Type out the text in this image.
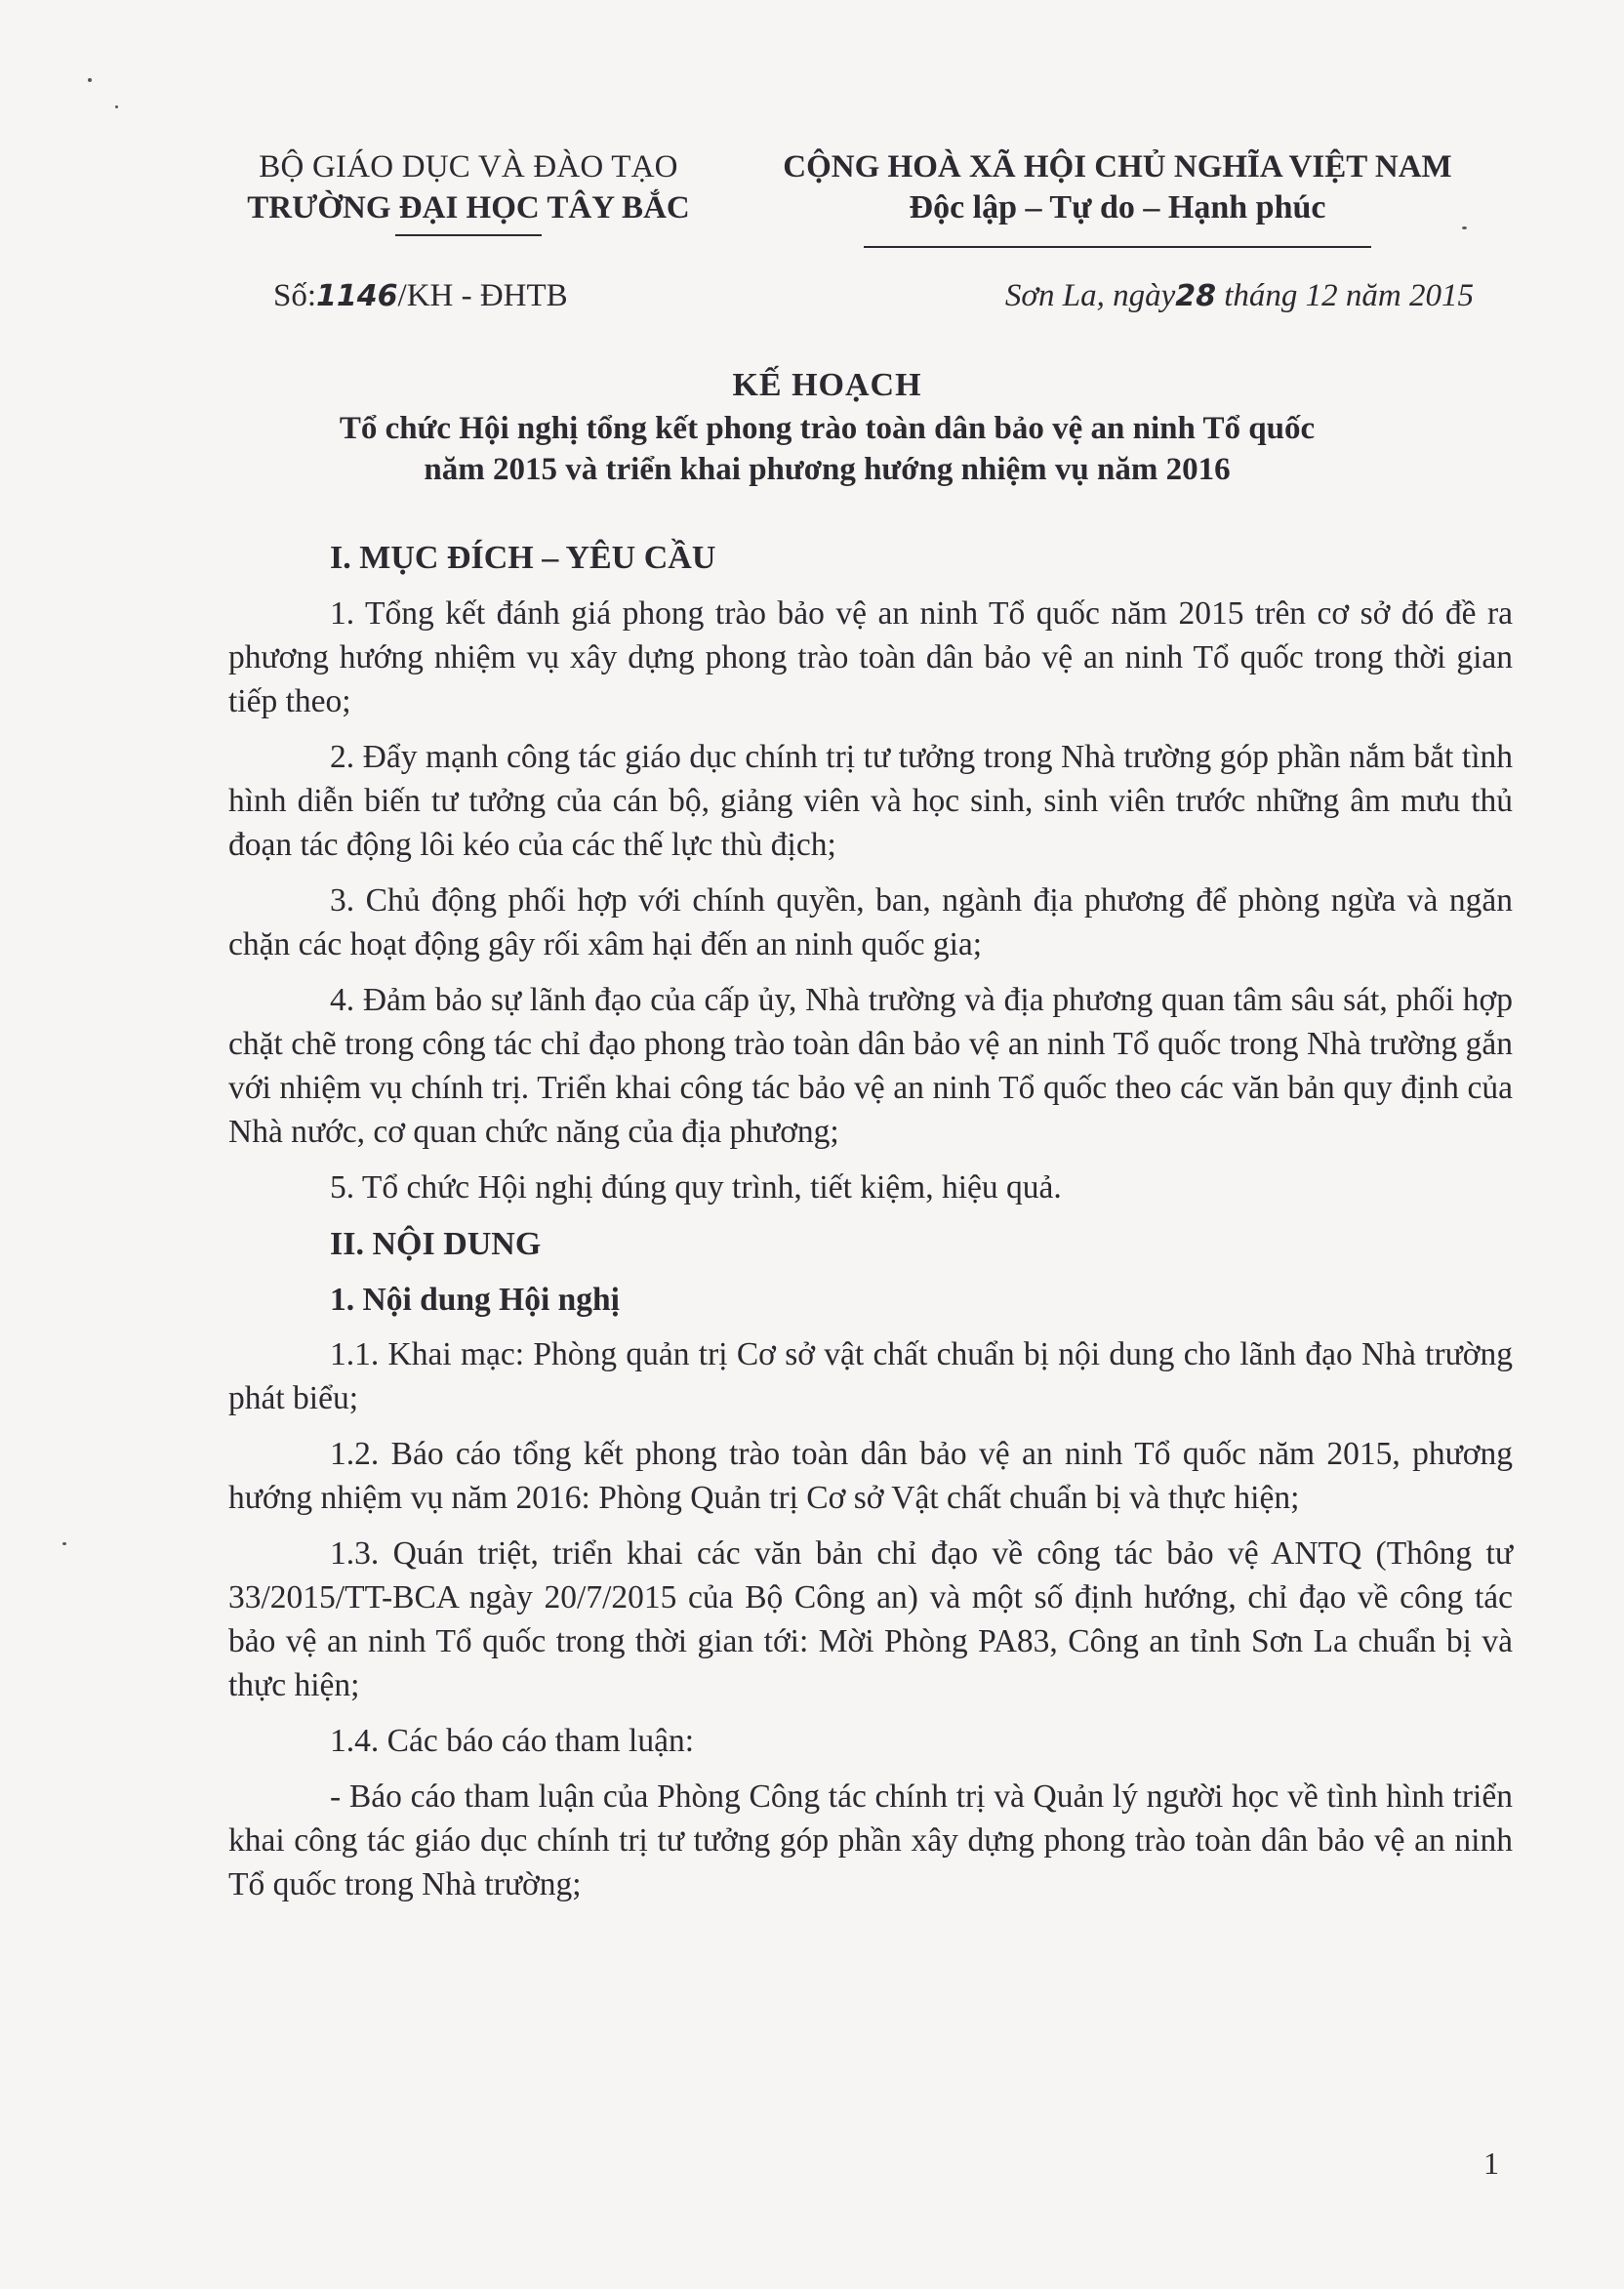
BỘ GIÁO DỤC VÀ ĐÀO TẠO
TRƯỜNG ĐẠI HỌC TÂY BẮC
CỘNG HOÀ XÃ HỘI CHỦ NGHĨA VIỆT NAM
Độc lập – Tự do – Hạnh phúc
Số:1146/KH - ĐHTB	Sơn La, ngày28 tháng 12 năm 2015
KẾ HOẠCH
Tổ chức Hội nghị tổng kết phong trào toàn dân bảo vệ an ninh Tổ quốc
năm 2015 và triển khai phương hướng nhiệm vụ năm 2016
I. MỤC ĐÍCH – YÊU CẦU

1. Tổng kết đánh giá phong trào bảo vệ an ninh Tổ quốc năm 2015 trên cơ sở đó đề ra phương hướng nhiệm vụ xây dựng phong trào toàn dân bảo vệ an ninh Tổ quốc trong thời gian tiếp theo;

2. Đẩy mạnh công tác giáo dục chính trị tư tưởng trong Nhà trường góp phần nắm bắt tình hình diễn biến tư tưởng của cán bộ, giảng viên và học sinh, sinh viên trước những âm mưu thủ đoạn tác động lôi kéo của các thế lực thù địch;

3. Chủ động phối hợp với chính quyền, ban, ngành địa phương để phòng ngừa và ngăn chặn các hoạt động gây rối xâm hại đến an ninh quốc gia;

4. Đảm bảo sự lãnh đạo của cấp ủy, Nhà trường và địa phương quan tâm sâu sát, phối hợp chặt chẽ trong công tác chỉ đạo phong trào toàn dân bảo vệ an ninh Tổ quốc trong Nhà trường gắn với nhiệm vụ chính trị. Triển khai công tác bảo vệ an ninh Tổ quốc theo các văn bản quy định của Nhà nước, cơ quan chức năng của địa phương;

5. Tổ chức Hội nghị đúng quy trình, tiết kiệm, hiệu quả.

II. NỘI DUNG
1. Nội dung Hội nghị

1.1. Khai mạc: Phòng quản trị Cơ sở vật chất chuẩn bị nội dung cho lãnh đạo Nhà trường phát biểu;

1.2. Báo cáo tổng kết phong trào toàn dân bảo vệ an ninh Tổ quốc năm 2015, phương hướng nhiệm vụ năm 2016: Phòng Quản trị Cơ sở Vật chất chuẩn bị và thực hiện;

1.3. Quán triệt, triển khai các văn bản chỉ đạo về công tác bảo vệ ANTQ (Thông tư 33/2015/TT-BCA ngày 20/7/2015 của Bộ Công an) và một số định hướng, chỉ đạo về công tác bảo vệ an ninh Tổ quốc trong thời gian tới: Mời Phòng PA83, Công an tỉnh Sơn La chuẩn bị và thực hiện;

1.4. Các báo cáo tham luận:

- Báo cáo tham luận của Phòng Công tác chính trị và Quản lý người học về tình hình triển khai công tác giáo dục chính trị tư tưởng góp phần xây dựng phong trào toàn dân bảo vệ an ninh Tổ quốc trong Nhà trường;

1
